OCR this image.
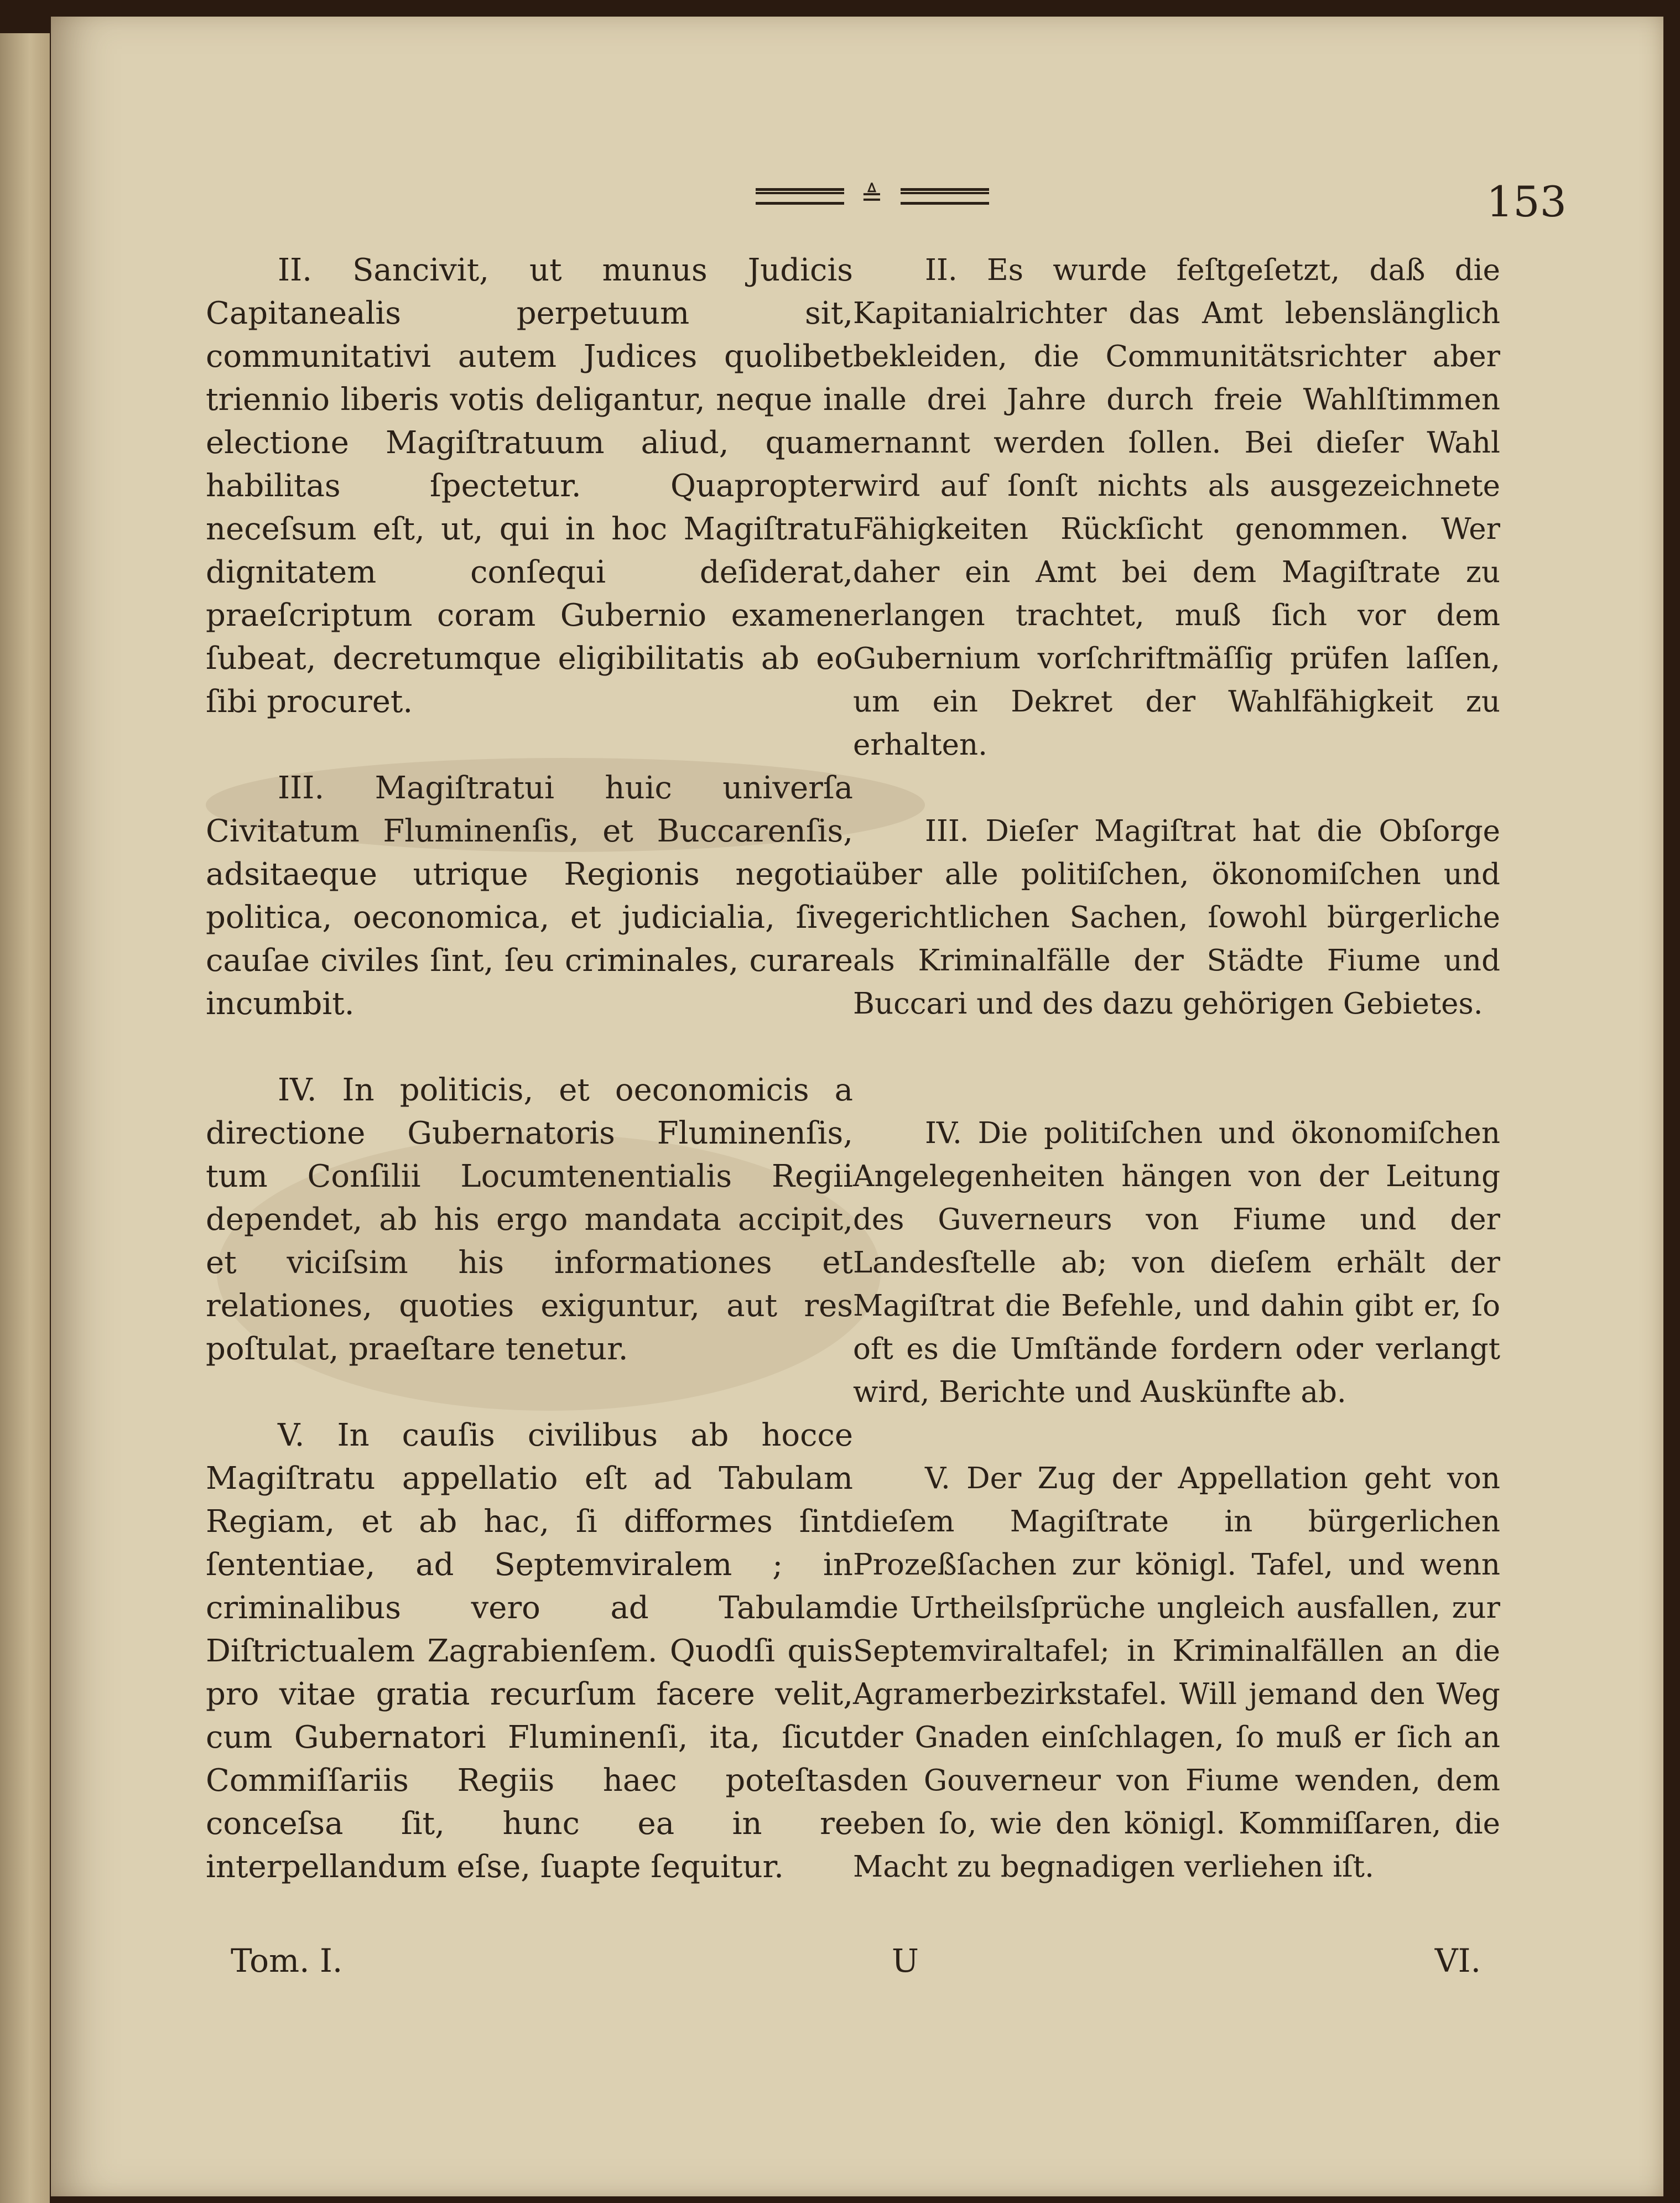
≜	153

II. Sancivit, ut munus Judicis Capitanealis perpetuum sit, communitativi autem Judices quolibet triennio liberis votis deligantur, neque in electione Magiſtratuum aliud, quam habilitas ſpectetur. Quapropter neceſsum eſt, ut, qui in hoc Magiſtratu dignitatem conſequi deſiderat, praeſcriptum coram Gubernio examen ſubeat, decretumque eligibilitatis ab eo ſibi procuret.

III. Magiſtratui huic univerſa Civitatum Fluminenſis, et Buccarenſis, adsitaeque utrique Regionis negotia politica, oeconomica, et judicialia, ſive cauſae civiles ſint, ſeu criminales, curare incumbit.

IV. In politicis, et oeconomicis a directione Gubernatoris Fluminenſis, tum Conſilii Locumtenentialis Regii dependet, ab his ergo mandata accipit, et viciſsim his informationes et relationes, quoties exiguntur, aut res poſtulat, praeſtare tenetur.

V. In cauſis civilibus ab hocce Magiſtratu appellatio eſt ad Tabulam Regiam, et ab hac, ſi difformes ſint ſententiae, ad Septemviralem ; in criminalibus vero ad Tabulam Diſtrictualem Zagrabienſem. Quodſi quis pro vitae gratia recurſum facere velit, cum Gubernatori Fluminenſi, ita, ſicut Commiſſariis Regiis haec poteſtas conceſsa ſit, hunc ea in re interpellandum eſse, ſuapte ſequitur.

II. Es wurde feſtgeſetzt, daß die Kapitanialrichter das Amt lebenslänglich bekleiden, die Communitätsrichter aber alle drei Jahre durch freie Wahlſtimmen ernannt werden ſollen. Bei dieſer Wahl wird auf ſonſt nichts als ausgezeichnete Fähigkeiten Rückſicht genommen. Wer daher ein Amt bei dem Magiſtrate zu erlangen trachtet, muß ſich vor dem Gubernium vorſchriftmäſſig prüfen laſſen, um ein Dekret der Wahlfähigkeit zu erhalten.

III. Dieſer Magiſtrat hat die Obſorge über alle politiſchen, ökonomiſchen und gerichtlichen Sachen, ſowohl bürgerliche als Kriminalfälle der Städte Fiume und Buccari und des dazu gehörigen Gebietes.

IV. Die politiſchen und ökonomiſchen Angelegenheiten hängen von der Leitung des Guverneurs von Fiume und der Landesſtelle ab; von dieſem erhält der Magiſtrat die Befehle, und dahin gibt er, ſo oft es die Umſtände fordern oder verlangt wird, Berichte und Auskünfte ab.

V. Der Zug der Appellation geht von dieſem Magiſtrate in bürgerlichen Prozeßſachen zur königl. Tafel, und wenn die Urtheilsſprüche ungleich ausfallen, zur Septemviraltafel; in Kriminalfällen an die Agramerbezirkstafel. Will jemand den Weg der Gnaden einſchlagen, ſo muß er ſich an den Gouverneur von Fiume wenden, dem eben ſo, wie den königl. Kommiſſaren, die Macht zu begnadigen verliehen iſt.

Tom. I.	U	VI.
